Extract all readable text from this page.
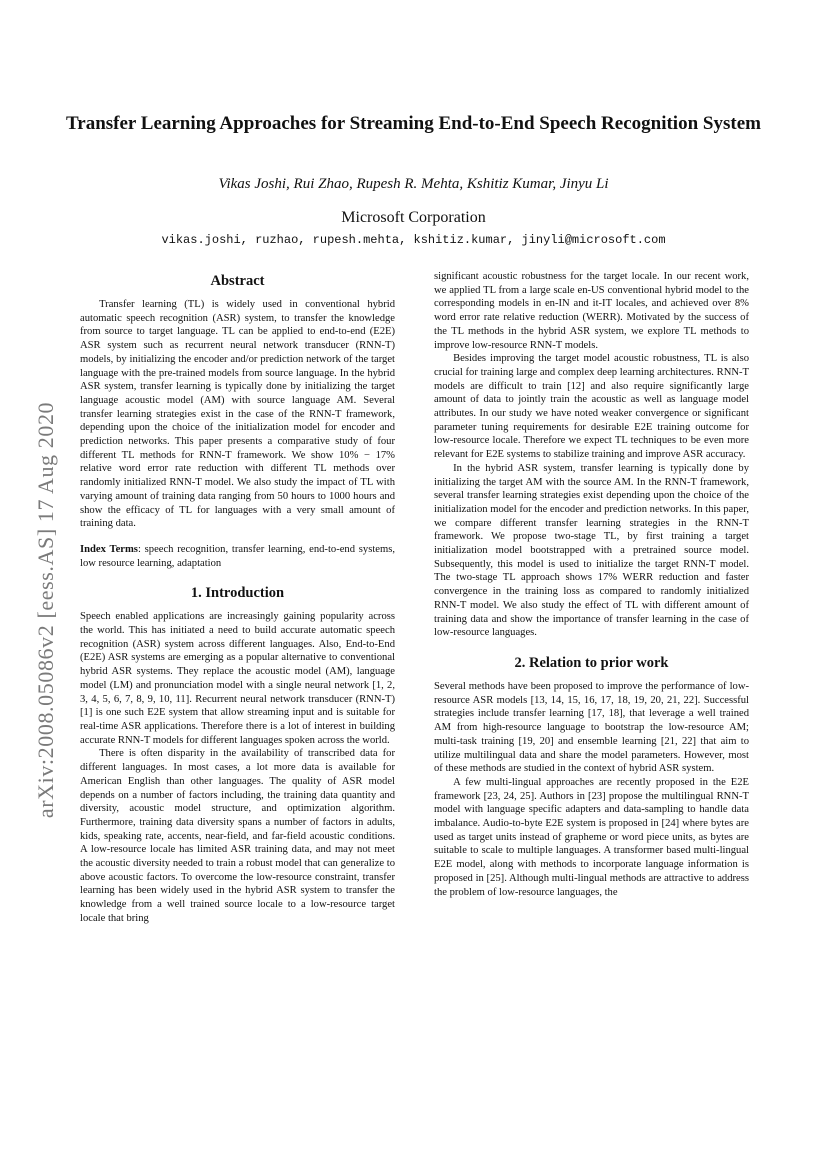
arXiv:2008.05086v2 [eess.AS] 17 Aug 2020
Transfer Learning Approaches for Streaming End-to-End Speech Recognition System

Vikas Joshi, Rui Zhao, Rupesh R. Mehta, Kshitiz Kumar, Jinyu Li

Microsoft Corporation

vikas.joshi, ruzhao, rupesh.mehta, kshitiz.kumar, jinyli@microsoft.com

Abstract

Transfer learning (TL) is widely used in conventional hybrid automatic speech recognition (ASR) system, to transfer the knowledge from source to target language. TL can be applied to end-to-end (E2E) ASR system such as recurrent neural network transducer (RNN-T) models, by initializing the encoder and/or prediction network of the target language with the pre-trained models from source language. In the hybrid ASR system, transfer learning is typically done by initializing the target language acoustic model (AM) with source language AM. Several transfer learning strategies exist in the case of the RNN-T framework, depending upon the choice of the initialization model for encoder and prediction networks. This paper presents a comparative study of four different TL methods for RNN-T framework. We show 10% − 17% relative word error rate reduction with different TL methods over randomly initialized RNN-T model. We also study the impact of TL with varying amount of training data ranging from 50 hours to 1000 hours and show the efficacy of TL for languages with a very small amount of training data.

Index Terms: speech recognition, transfer learning, end-to-end systems, low resource learning, adaptation

1. Introduction

Speech enabled applications are increasingly gaining popularity across the world. This has initiated a need to build accurate automatic speech recognition (ASR) system across different languages. Also, End-to-End (E2E) ASR systems are emerging as a popular alternative to conventional hybrid ASR systems. They replace the acoustic model (AM), language model (LM) and pronunciation model with a single neural network [1, 2, 3, 4, 5, 6, 7, 8, 9, 10, 11]. Recurrent neural network transducer (RNN-T) [1] is one such E2E system that allow streaming input and is suitable for real-time ASR applications. Therefore there is a lot of interest in building accurate RNN-T models for different languages spoken across the world.

There is often disparity in the availability of transcribed data for different languages. In most cases, a lot more data is available for American English than other languages. The quality of ASR model depends on a number of factors including, the training data quantity and diversity, acoustic model structure, and optimization algorithm. Furthermore, training data diversity spans a number of factors in adults, kids, speaking rate, accents, near-field, and far-field acoustic conditions. A low-resource locale has limited ASR training data, and may not meet the acoustic diversity needed to train a robust model that can generalize to above acoustic factors. To overcome the low-resource constraint, transfer learning has been widely used in the hybrid ASR system to transfer the knowledge from a well trained source locale to a low-resource target locale that bring

significant acoustic robustness for the target locale. In our recent work, we applied TL from a large scale en-US conventional hybrid model to the corresponding models in en-IN and it-IT locales, and achieved over 8% word error rate relative reduction (WERR). Motivated by the success of the TL methods in the hybrid ASR system, we explore TL methods to improve low-resource RNN-T models.

Besides improving the target model acoustic robustness, TL is also crucial for training large and complex deep learning architectures. RNN-T models are difficult to train [12] and also require significantly large amount of data to jointly train the acoustic as well as language model attributes. In our study we have noted weaker convergence or significant parameter tuning requirements for desirable E2E training outcome for low-resource locale. Therefore we expect TL techniques to be even more relevant for E2E systems to stabilize training and improve ASR accuracy.

In the hybrid ASR system, transfer learning is typically done by initializing the target AM with the source AM. In the RNN-T framework, several transfer learning strategies exist depending upon the choice of the initialization model for the encoder and prediction networks. In this paper, we compare different transfer learning strategies in the RNN-T framework. We propose two-stage TL, by first training a target initialization model bootstrapped with a pretrained source model. Subsequently, this model is used to initialize the target RNN-T model. The two-stage TL approach shows 17% WERR reduction and faster convergence in the training loss as compared to randomly initialized RNN-T model. We also study the effect of TL with different amount of training data and show the importance of transfer learning in the case of low-resource languages.

2. Relation to prior work

Several methods have been proposed to improve the performance of low-resource ASR models [13, 14, 15, 16, 17, 18, 19, 20, 21, 22]. Successful strategies include transfer learning [17, 18], that leverage a well trained AM from high-resource language to bootstrap the low-resource AM; multi-task training [19, 20] and ensemble learning [21, 22] that aim to utilize multilingual data and share the model parameters. However, most of these methods are studied in the context of hybrid ASR system.

A few multi-lingual approaches are recently proposed in the E2E framework [23, 24, 25]. Authors in [23] propose the multilingual RNN-T model with language specific adapters and data-sampling to handle data imbalance. Audio-to-byte E2E system is proposed in [24] where bytes are used as target units instead of grapheme or word piece units, as bytes are suitable to scale to multiple languages. A transformer based multi-lingual E2E model, along with methods to incorporate language information is proposed in [25]. Although multi-lingual methods are attractive to address the problem of low-resource languages, the
